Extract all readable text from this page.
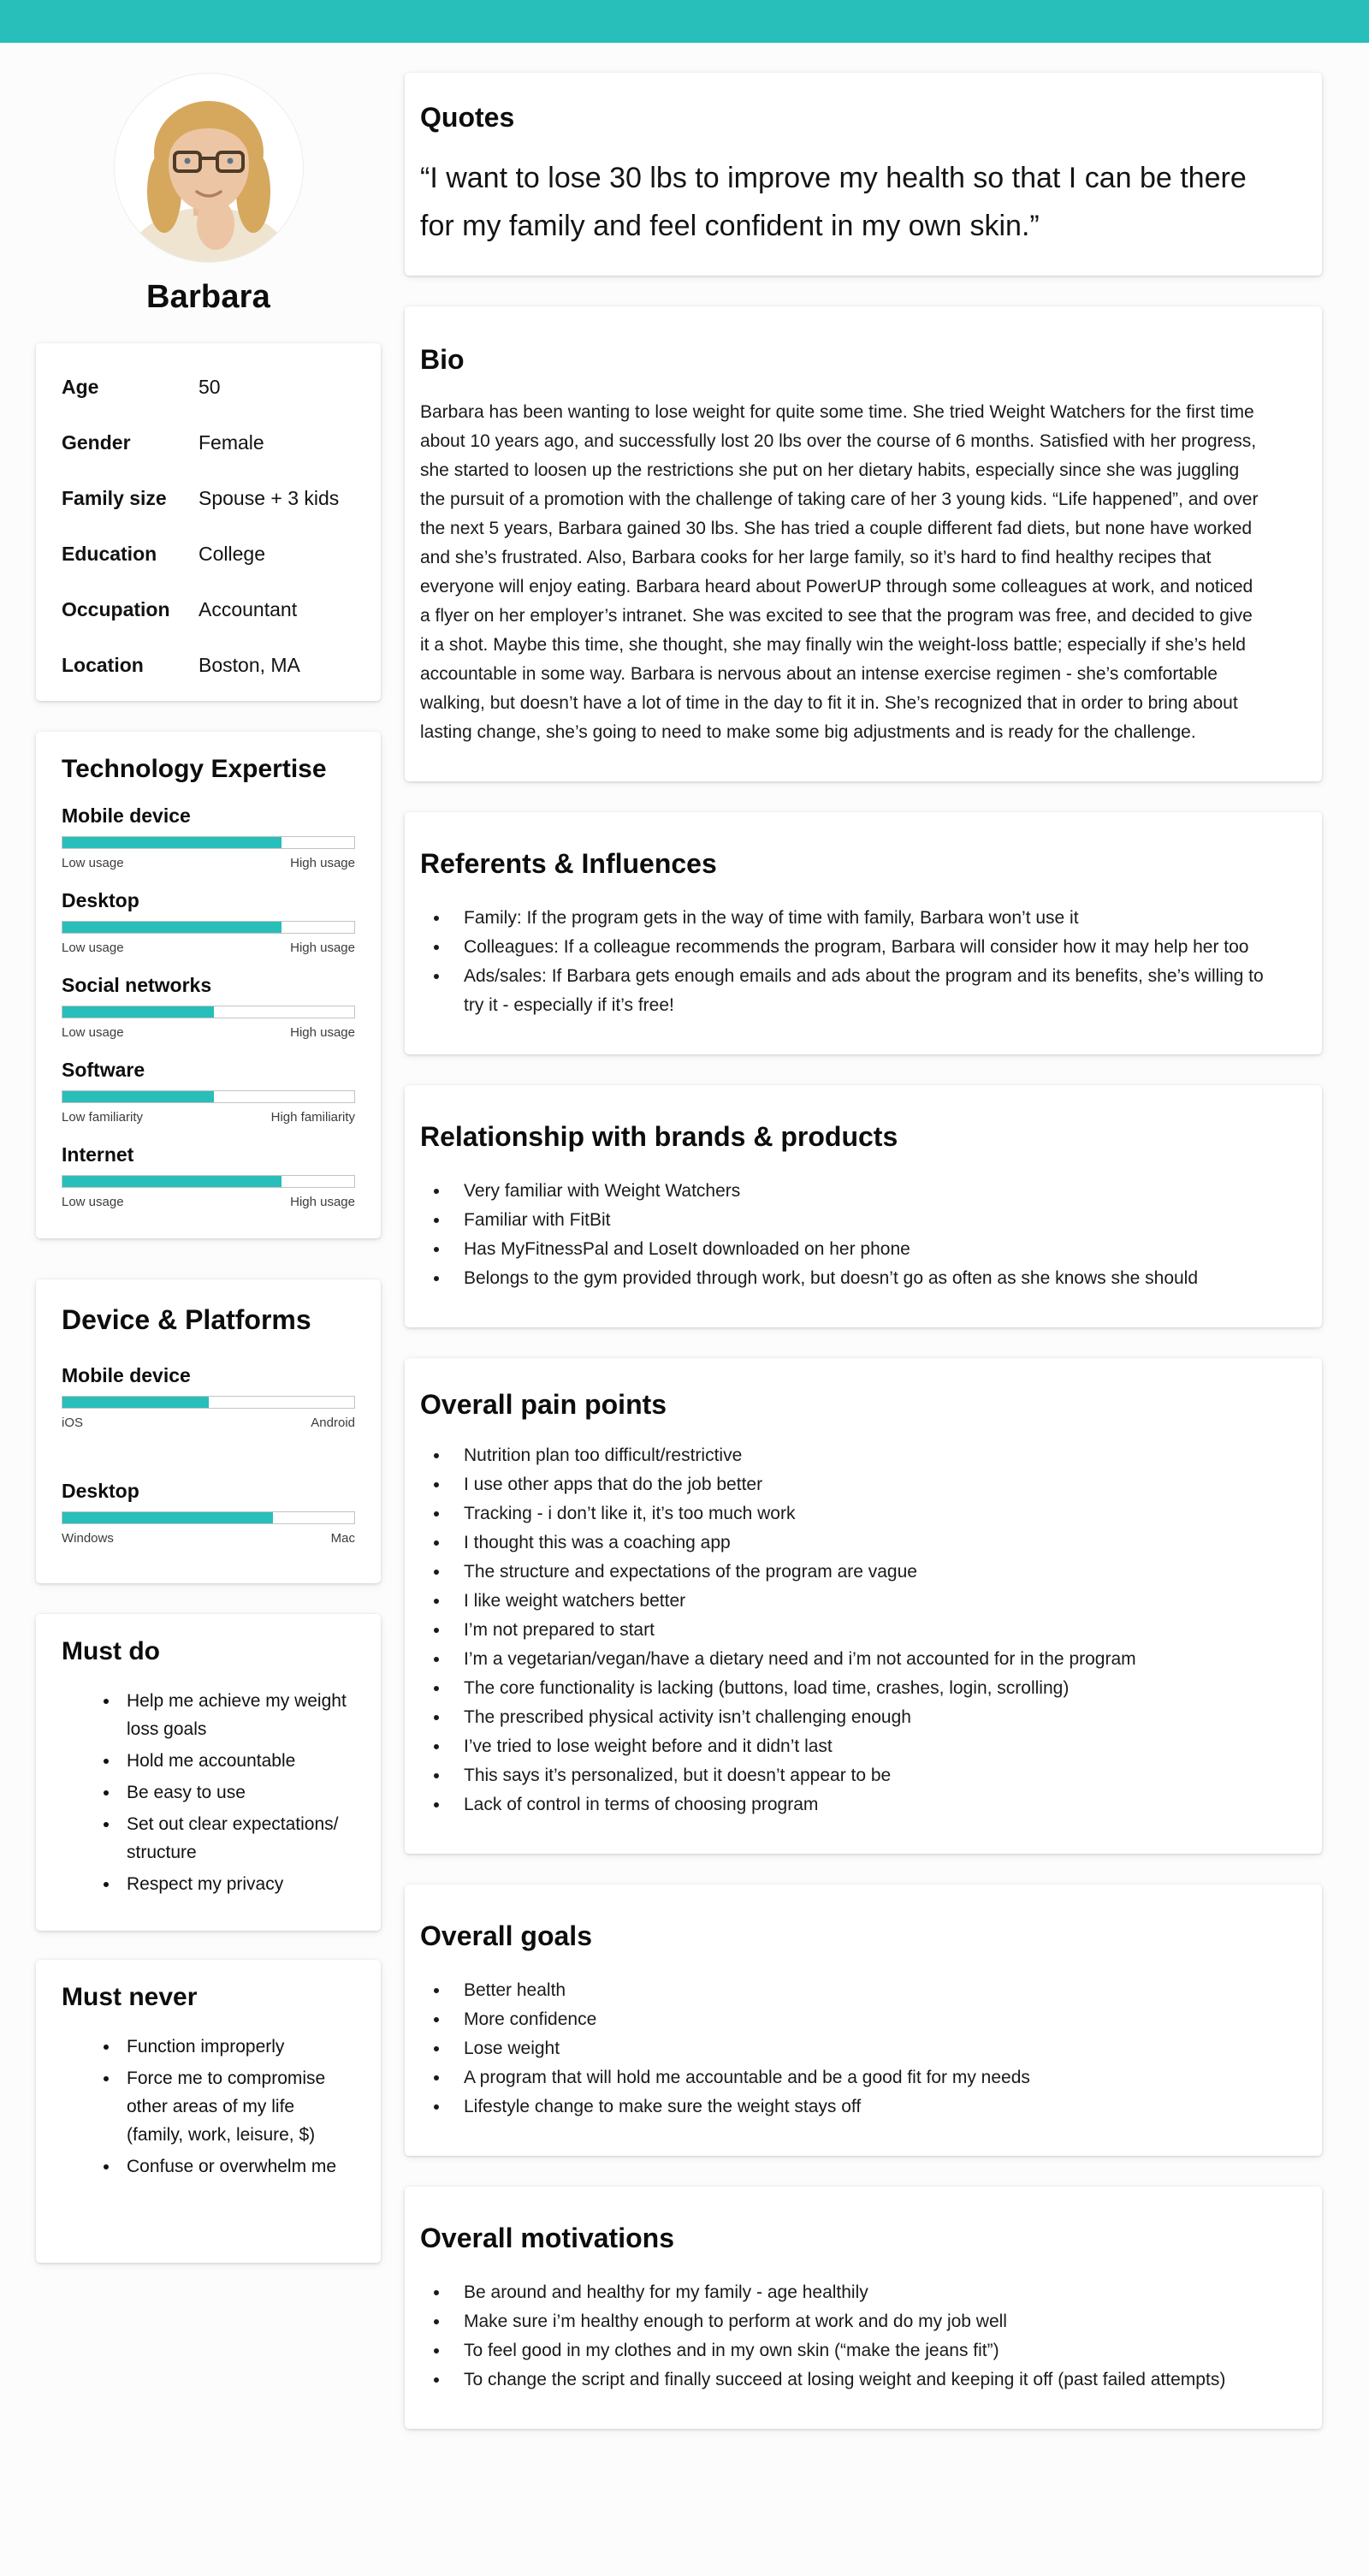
Barbara
Age	50
Gender	Female
Family size	Spouse + 3 kids
Education	College
Occupation	Accountant
Location	Boston, MA
Technology Expertise
Mobile device
Low usage	High usage
Desktop
Low usage	High usage
Social networks
Low usage	High usage
Software
Low familiarity	High familiarity
Internet
Low usage	High usage
Device & Platforms
Mobile device
iOS	Android
Desktop
Windows	Mac
Must do
• Help me achieve my weight loss goals
• Hold me accountable
• Be easy to use
• Set out clear expectations/ structure
• Respect my privacy
Must never
• Function improperly
• Force me to compromise other areas of my life (family, work, leisure, $)
• Confuse or overwhelm me
Quotes

“I want to lose 30 lbs to improve my health so that I can be there for my family and feel confident in my own skin.”

Bio

Barbara has been wanting to lose weight for quite some time. She tried Weight Watchers for the first time about 10 years ago, and successfully lost 20 lbs over the course of 6 months. Satisfied with her progress, she started to loosen up the restrictions she put on her dietary habits, especially since she was juggling the pursuit of a promotion with the challenge of taking care of her 3 young kids. “Life happened”, and over the next 5 years, Barbara gained 30 lbs. She has tried a couple different fad diets, but none have worked and she’s frustrated. Also, Barbara cooks for her large family, so it’s hard to find healthy recipes that everyone will enjoy eating. Barbara heard about PowerUP through some colleagues at work, and noticed a flyer on her employer’s intranet. She was excited to see that the program was free, and decided to give it a shot. Maybe this time, she thought, she may finally win the weight-loss battle; especially if she’s held accountable in some way. Barbara is nervous about an intense exercise regimen - she’s comfortable walking, but doesn’t have a lot of time in the day to fit it in. She’s recognized that in order to bring about lasting change, she’s going to need to make some big adjustments and is ready for the challenge.

Referents & Influences
• Family: If the program gets in the way of time with family, Barbara won’t use it
• Colleagues: If a colleague recommends the program, Barbara will consider how it may help her too
• Ads/sales: If Barbara gets enough emails and ads about the program and its benefits, she’s willing to try it - especially if it’s free!
Relationship with brands & products
• Very familiar with Weight Watchers
• Familiar with FitBit
• Has MyFitnessPal and LoseIt downloaded on her phone
• Belongs to the gym provided through work, but doesn’t go as often as she knows she should
Overall pain points
• Nutrition plan too difficult/restrictive
• I use other apps that do the job better
• Tracking - i don’t like it, it’s too much work
• I thought this was a coaching app
• The structure and expectations of the program are vague
• I like weight watchers better
• I’m not prepared to start
• I’m a vegetarian/vegan/have a dietary need and i’m not accounted for in the program
• The core functionality is lacking (buttons, load time, crashes, login, scrolling)
• The prescribed physical activity isn’t challenging enough
• I’ve tried to lose weight before and it didn’t last
• This says it’s personalized, but it doesn’t appear to be
• Lack of control in terms of choosing program
Overall goals
• Better health
• More confidence
• Lose weight
• A program that will hold me accountable and be a good fit for my needs
• Lifestyle change to make sure the weight stays off
Overall motivations
• Be around and healthy for my family - age healthily
• Make sure i’m healthy enough to perform at work and do my job well
• To feel good in my clothes and in my own skin (“make the jeans fit”)
• To change the script and finally succeed at losing weight and keeping it off (past failed attempts)
